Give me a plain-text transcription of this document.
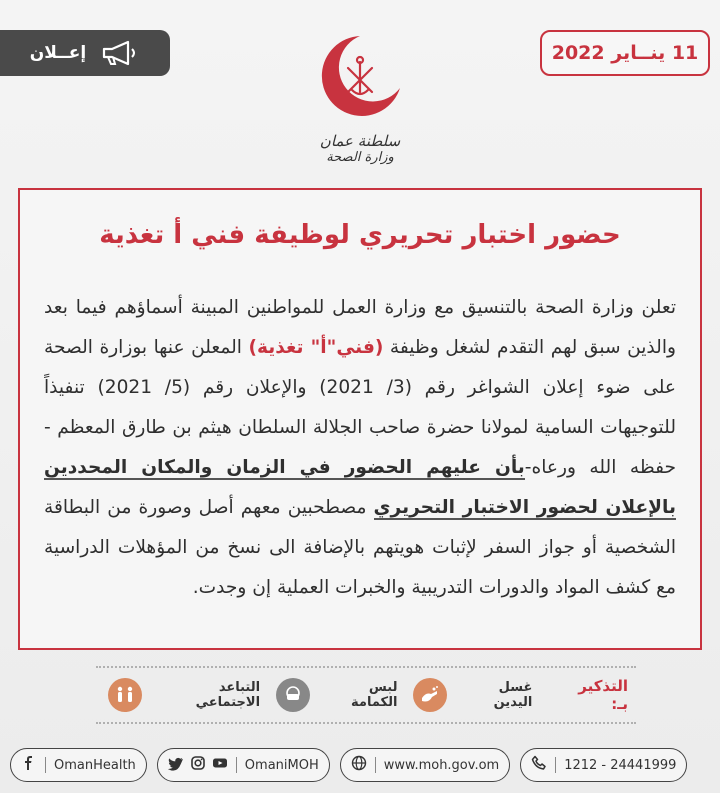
إعــلان	11 ينــاير 2022
سلطنة عمان
وزارة الصحة
حضور اختبار تحريري لوظيفة فني أ تغذية
تعلن وزارة الصحة بالتنسيق مع وزارة العمل للمواطنين المبينة أسماؤهم فيما بعد والذين سبق لهم التقدم لشغل وظيفة (فني"أ" تغذية) المعلن عنها بوزارة الصحة على ضوء إعلان الشواغر رقم (3/ 2021) والإعلان رقم (5/ 2021) تنفيذاً للتوجيهات السامية لمولانا حضرة صاحب الجلالة السلطان هيثم بن طارق المعظم - حفظه الله ورعاه-بأن عليهم الحضور في الزمان والمكان المحددين بالإعلان لحضور الاختبار التحريري مصطحبين معهم أصل وصورة من البطاقة الشخصية أو جواز السفر لإثبات هويتهم بالإضافة الى نسخ من المؤهلات الدراسية مع كشف المواد والدورات التدريبية والخبرات العملية إن وجدت.
التذكير بـ:
غسل اليدين
لبس الكمامة
التباعد الاجتماعي
OmanHealth	OmaniMOH	www.moh.gov.om	1212 - 24441999
